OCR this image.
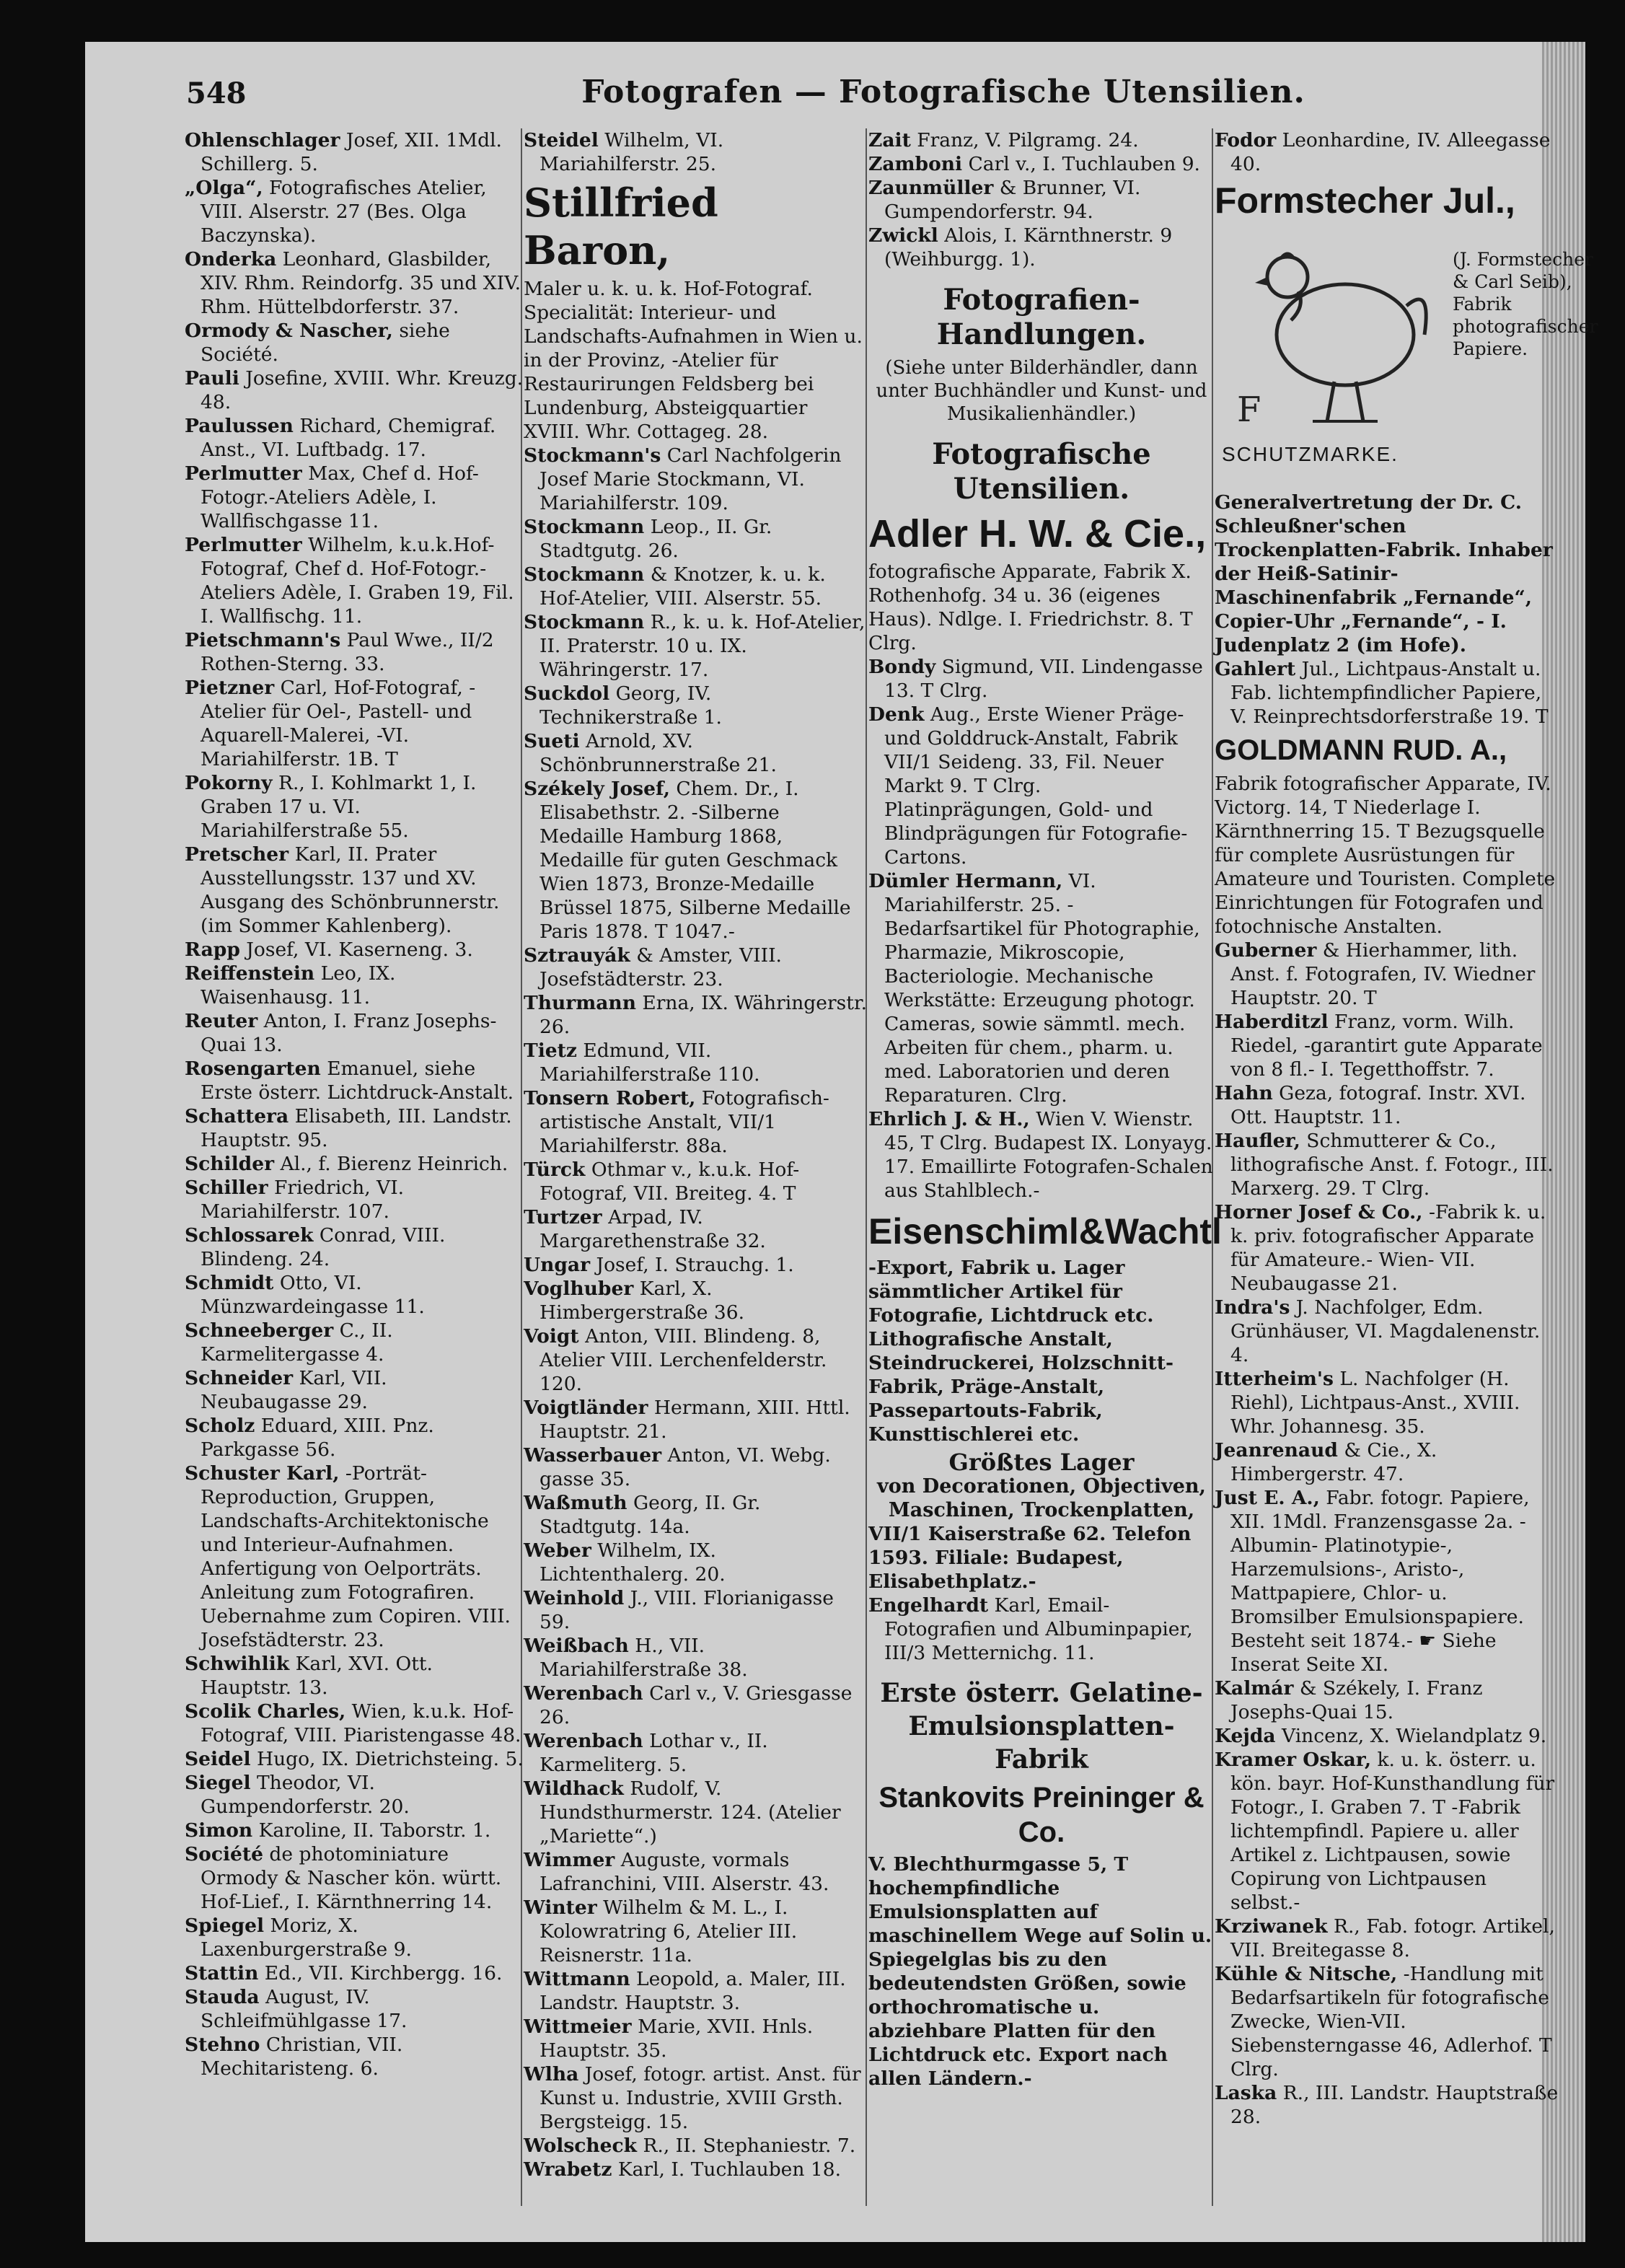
548	Fotografen — Fotografische Utensilien.

Ohlenschlager Josef, XII. 1Mdl. Schillerg. 5.

„Olga“, Fotografisches Atelier, VIII. Alserstr. 27 (Bes. Olga Baczynska).

Onderka Leonhard, Glasbilder, XIV. Rhm. Reindorfg. 35 und XIV. Rhm. Hüttelbdorferstr. 37.

Ormody & Nascher, siehe Société.

Pauli Josefine, XVIII. Whr. Kreuzg. 48.

Paulussen Richard, Chemigraf. Anst., VI. Luftbadg. 17.

Perlmutter Max, Chef d. Hof-Fotogr.-Ateliers Adèle, I. Wallfischgasse 11.

Perlmutter Wilhelm, k.u.k.Hof-Fotograf, Chef d. Hof-Fotogr.-Ateliers Adèle, I. Graben 19, Fil. I. Wallfischg. 11.

Pietschmann's Paul Wwe., II/2 Rothen-Sterng. 33.

Pietzner Carl, Hof-Fotograf, -Atelier für Oel-, Pastell- und Aquarell-Malerei, -VI. Mariahilferstr. 1B. T

Pokorny R., I. Kohlmarkt 1, I. Graben 17 u. VI. Mariahilferstraße 55.

Pretscher Karl, II. Prater Ausstellungsstr. 137 und XV. Ausgang des Schönbrunnerstr. (im Sommer Kahlenberg).

Rapp Josef, VI. Kaserneng. 3.

Reiffenstein Leo, IX. Waisenhausg. 11.

Reuter Anton, I. Franz Josephs-Quai 13.

Rosengarten Emanuel, siehe Erste österr. Lichtdruck-Anstalt.

Schattera Elisabeth, III. Landstr. Hauptstr. 95.

Schilder Al., f. Bierenz Heinrich.

Schiller Friedrich, VI. Mariahilferstr. 107.

Schlossarek Conrad, VIII. Blindeng. 24.

Schmidt Otto, VI. Münzwardeingasse 11.

Schneeberger C., II. Karmelitergasse 4.

Schneider Karl, VII. Neubaugasse 29.

Scholz Eduard, XIII. Pnz. Parkgasse 56.

Schuster Karl, -Porträt-Reproduction, Gruppen, Landschafts-Architektonische und Interieur-Aufnahmen. Anfertigung von Oelporträts. Anleitung zum Fotografiren. Uebernahme zum Copiren. VIII. Josefstädterstr. 23.

Schwihlik Karl, XVI. Ott. Hauptstr. 13.

Scolik Charles, Wien, k.u.k. Hof-Fotograf, VIII. Piaristengasse 48.

Seidel Hugo, IX. Dietrichsteing. 5.

Siegel Theodor, VI. Gumpendorferstr. 20.

Simon Karoline, II. Taborstr. 1.

Société de photominiature Ormody & Nascher kön. württ. Hof-Lief., I. Kärnthnerring 14.

Spiegel Moriz, X. Laxenburgerstraße 9.

Stattin Ed., VII. Kirchbergg. 16.

Stauda August, IV. Schleifmühlgasse 17.

Stehno Christian, VII. Mechitaristeng. 6.

Steidel Wilhelm, VI. Mariahilferstr. 25.

Stillfried Baron,

Maler u. k. u. k. Hof-Fotograf. Specialität: Interieur- und Landschafts-Aufnahmen in Wien u. in der Provinz, -Atelier für Restaurirungen Feldsberg bei Lundenburg, Absteigquartier XVIII. Whr. Cottageg. 28.

Stockmann's Carl Nachfolgerin Josef Marie Stockmann, VI. Mariahilferstr. 109.

Stockmann Leop., II. Gr. Stadtgutg. 26.

Stockmann & Knotzer, k. u. k. Hof-Atelier, VIII. Alserstr. 55.

Stockmann R., k. u. k. Hof-Atelier, II. Praterstr. 10 u. IX. Währingerstr. 17.

Suckdol Georg, IV. Technikerstraße 1.

Sueti Arnold, XV. Schönbrunnerstraße 21.

Székely Josef, Chem. Dr., I. Elisabethstr. 2. -Silberne Medaille Hamburg 1868, Medaille für guten Geschmack Wien 1873, Bronze-Medaille Brüssel 1875, Silberne Medaille Paris 1878. T 1047.-

Sztrauyák & Amster, VIII. Josefstädterstr. 23.

Thurmann Erna, IX. Währingerstr. 26.

Tietz Edmund, VII. Mariahilferstraße 110.

Tonsern Robert, Fotografisch-artistische Anstalt, VII/1 Mariahilferstr. 88a.

Türck Othmar v., k.u.k. Hof-Fotograf, VII. Breiteg. 4. T

Turtzer Arpad, IV. Margarethenstraße 32.

Ungar Josef, I. Strauchg. 1.

Voglhuber Karl, X. Himbergerstraße 36.

Voigt Anton, VIII. Blindeng. 8, Atelier VIII. Lerchenfelderstr. 120.

Voigtländer Hermann, XIII. Httl. Hauptstr. 21.

Wasserbauer Anton, VI. Webg. gasse 35.

Waßmuth Georg, II. Gr. Stadtgutg. 14a.

Weber Wilhelm, IX. Lichtenthalerg. 20.

Weinhold J., VIII. Florianigasse 59.

Weißbach H., VII. Mariahilferstraße 38.

Werenbach Carl v., V. Griesgasse 26.

Werenbach Lothar v., II. Karmeliterg. 5.

Wildhack Rudolf, V. Hundsthurmerstr. 124. (Atelier „Mariette“.)

Wimmer Auguste, vormals Lafranchini, VIII. Alserstr. 43.

Winter Wilhelm & M. L., I. Kolowratring 6, Atelier III. Reisnerstr. 11a.

Wittmann Leopold, a. Maler, III. Landstr. Hauptstr. 3.

Wittmeier Marie, XVII. Hnls. Hauptstr. 35.

Wlha Josef, fotogr. artist. Anst. für Kunst u. Industrie, XVIII Grsth. Bergsteigg. 15.

Wolscheck R., II. Stephaniestr. 7.

Wrabetz Karl, I. Tuchlauben 18.

Zait Franz, V. Pilgramg. 24.

Zamboni Carl v., I. Tuchlauben 9.

Zaunmüller & Brunner, VI. Gumpendorferstr. 94.

Zwickl Alois, I. Kärnthnerstr. 9 (Weihburgg. 1).

Fotografien-Handlungen.
(Siehe unter Bilderhändler, dann unter Buchhändler und Kunst- und Musikalienhändler.)
Fotografische Utensilien.
Adler H. W. & Cie.,

fotografische Apparate, Fabrik X. Rothenhofg. 34 u. 36 (eigenes Haus). Ndlge. I. Friedrichstr. 8. T Clrg.

Bondy Sigmund, VII. Lindengasse 13. T Clrg.

Denk Aug., Erste Wiener Präge- und Golddruck-Anstalt, Fabrik VII/1 Seideng. 33, Fil. Neuer Markt 9. T Clrg. Platinprägungen, Gold- und Blindprägungen für Fotografie-Cartons.

Dümler Hermann, VI. Mariahilferstr. 25. - Bedarfsartikel für Photographie, Pharmazie, Mikroscopie, Bacteriologie. Mechanische Werkstätte: Erzeugung photogr. Cameras, sowie sämmtl. mech. Arbeiten für chem., pharm. u. med. Laboratorien und deren Reparaturen. Clrg.

Ehrlich J. & H., Wien V. Wienstr. 45, T Clrg. Budapest IX. Lonyayg. 17. Emaillirte Fotografen-Schalen aus Stahlblech.-

Eisenschiml&Wachtl

-Export, Fabrik u. Lager sämmtlicher Artikel für Fotografie, Lichtdruck etc. Lithografische Anstalt, Steindruckerei, Holzschnitt-Fabrik, Präge-Anstalt, Passepartouts-Fabrik, Kunsttischlerei etc.

Größtes Lager
von Decorationen, Objectiven, Maschinen, Trockenplatten,

VII/1 Kaiserstraße 62. Telefon 1593. Filiale: Budapest, Elisabethplatz.-

Engelhardt Karl, Email-Fotografien und Albuminpapier, III/3 Metternichg. 11.

Erste österr. Gelatine-Emulsionsplatten-Fabrik
Stankovits Preininger & Co.

V. Blechthurmgasse 5, T hochempfindliche Emulsionsplatten auf maschinellem Wege auf Solin u. Spiegelglas bis zu den bedeutendsten Größen, sowie orthochromatische u. abziehbare Platten für den Lichtdruck etc. Export nach allen Ländern.-

Fodor Leonhardine, IV. Alleegasse 40.

Formstecher Jul.,
F
(J. Formstecher & Carl Seib), Fabrik photografischer Papiere.
SCHUTZMARKE.

Generalvertretung der Dr. C. Schleußner'schen Trockenplatten-Fabrik. Inhaber der Heiß-Satinir-Maschinenfabrik „Fernande“, Copier-Uhr „Fernande“, - I. Judenplatz 2 (im Hofe).

Gahlert Jul., Lichtpaus-Anstalt u. Fab. lichtempfindlicher Papiere, V. Reinprechtsdorferstraße 19. T

GOLDMANN RUD. A.,

Fabrik fotografischer Apparate, IV. Victorg. 14, T Niederlage I. Kärnthnerring 15. T Bezugsquelle für complete Ausrüstungen für Amateure und Touristen. Complete Einrichtungen für Fotografen und fotochnische Anstalten.

Guberner & Hierhammer, lith. Anst. f. Fotografen, IV. Wiedner Hauptstr. 20. T

Haberditzl Franz, vorm. Wilh. Riedel, -garantirt gute Apparate von 8 fl.- I. Tegetthoffstr. 7.

Hahn Geza, fotograf. Instr. XVI. Ott. Hauptstr. 11.

Haufler, Schmutterer & Co., lithografische Anst. f. Fotogr., III. Marxerg. 29. T Clrg.

Horner Josef & Co., -Fabrik k. u. k. priv. fotografischer Apparate für Amateure.- Wien- VII. Neubaugasse 21.

Indra's J. Nachfolger, Edm. Grünhäuser, VI. Magdalenenstr. 4.

Itterheim's L. Nachfolger (H. Riehl), Lichtpaus-Anst., XVIII. Whr. Johannesg. 35.

Jeanrenaud & Cie., X. Himbergerstr. 47.

Just E. A., Fabr. fotogr. Papiere, XII. 1Mdl. Franzensgasse 2a. -Albumin- Platinotypie-, Harzemulsions-, Aristo-, Mattpapiere, Chlor- u. Bromsilber Emulsionspapiere. Besteht seit 1874.- ☛ Siehe Inserat Seite XI.

Kalmár & Székely, I. Franz Josephs-Quai 15.

Kejda Vincenz, X. Wielandplatz 9.

Kramer Oskar, k. u. k. österr. u. kön. bayr. Hof-Kunsthandlung für Fotogr., I. Graben 7. T -Fabrik lichtempfindl. Papiere u. aller Artikel z. Lichtpausen, sowie Copirung von Lichtpausen selbst.-

Krziwanek R., Fab. fotogr. Artikel, VII. Breitegasse 8.

Kühle & Nitsche, -Handlung mit Bedarfsartikeln für fotografische Zwecke, Wien-VII. Siebensterngasse 46, Adlerhof. T Clrg.

Laska R., III. Landstr. Hauptstraße 28.
